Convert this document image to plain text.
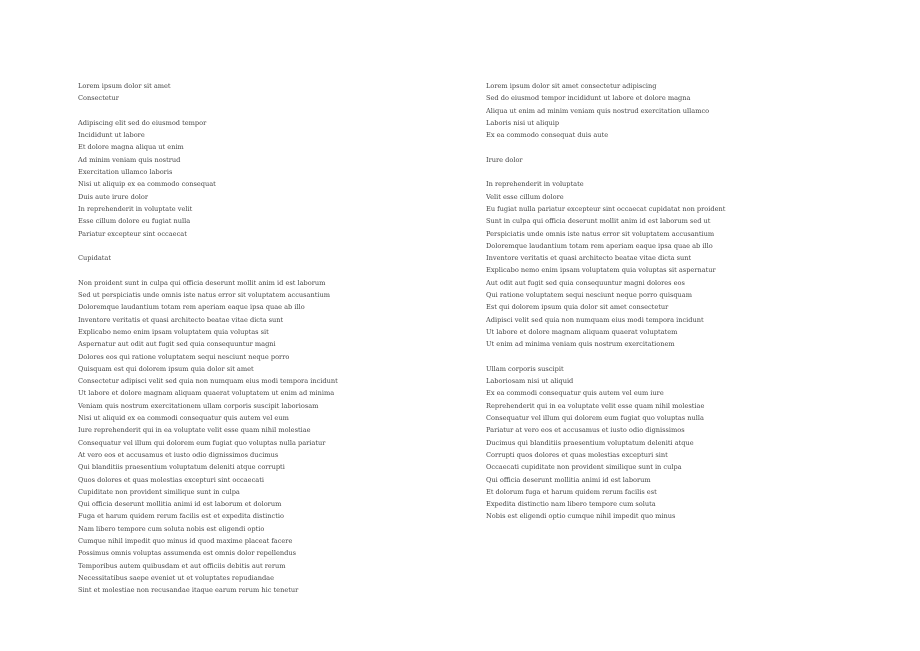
Lorem ipsum dolor sit amet
Consectetur
Adipiscing elit sed do eiusmod tempor
Incididunt ut labore
Et dolore magna aliqua ut enim
Ad minim veniam quis nostrud
Exercitation ullamco laboris
Nisi ut aliquip ex ea commodo consequat
Duis aute irure dolor
In reprehenderit in voluptate velit
Esse cillum dolore eu fugiat nulla
Pariatur excepteur sint occaecat
Cupidatat
Non proident sunt in culpa qui officia deserunt mollit anim id est laborum
Sed ut perspiciatis unde omnis iste natus error sit voluptatem accusantium
Doloremque laudantium totam rem aperiam eaque ipsa quae ab illo
Inventore veritatis et quasi architecto beatae vitae dicta sunt
Explicabo nemo enim ipsam voluptatem quia voluptas sit
Aspernatur aut odit aut fugit sed quia consequuntur magni
Dolores eos qui ratione voluptatem sequi nesciunt neque porro
Quisquam est qui dolorem ipsum quia dolor sit amet
Consectetur adipisci velit sed quia non numquam eius modi tempora incidunt
Ut labore et dolore magnam aliquam quaerat voluptatem ut enim ad minima
Veniam quis nostrum exercitationem ullam corporis suscipit laboriosam
Nisi ut aliquid ex ea commodi consequatur quis autem vel eum
Iure reprehenderit qui in ea voluptate velit esse quam nihil molestiae
Consequatur vel illum qui dolorem eum fugiat quo voluptas nulla pariatur
At vero eos et accusamus et iusto odio dignissimos ducimus
Qui blanditiis praesentium voluptatum deleniti atque corrupti
Quos dolores et quas molestias excepturi sint occaecati
Cupiditate non provident similique sunt in culpa
Qui officia deserunt mollitia animi id est laborum et dolorum
Fuga et harum quidem rerum facilis est et expedita distinctio
Nam libero tempore cum soluta nobis est eligendi optio
Cumque nihil impedit quo minus id quod maxime placeat facere
Possimus omnis voluptas assumenda est omnis dolor repellendus
Temporibus autem quibusdam et aut officiis debitis aut rerum
Necessitatibus saepe eveniet ut et voluptates repudiandae
Sint et molestiae non recusandae itaque earum rerum hic tenetur
Lorem ipsum dolor sit amet consectetur adipiscing
Sed do eiusmod tempor incididunt ut labore et dolore magna
Aliqua ut enim ad minim veniam quis nostrud exercitation ullamco
Laboris nisi ut aliquip
Ex ea commodo consequat duis aute
Irure dolor
In reprehenderit in voluptate
Velit esse cillum dolore
Eu fugiat nulla pariatur excepteur sint occaecat cupidatat non proident
Sunt in culpa qui officia deserunt mollit anim id est laborum sed ut
Perspiciatis unde omnis iste natus error sit voluptatem accusantium
Doloremque laudantium totam rem aperiam eaque ipsa quae ab illo
Inventore veritatis et quasi architecto beatae vitae dicta sunt
Explicabo nemo enim ipsam voluptatem quia voluptas sit aspernatur
Aut odit aut fugit sed quia consequuntur magni dolores eos
Qui ratione voluptatem sequi nesciunt neque porro quisquam
Est qui dolorem ipsum quia dolor sit amet consectetur
Adipisci velit sed quia non numquam eius modi tempora incidunt
Ut labore et dolore magnam aliquam quaerat voluptatem
Ut enim ad minima veniam quis nostrum exercitationem
Ullam corporis suscipit
Laboriosam nisi ut aliquid
Ex ea commodi consequatur quis autem vel eum iure
Reprehenderit qui in ea voluptate velit esse quam nihil molestiae
Consequatur vel illum qui dolorem eum fugiat quo voluptas nulla
Pariatur at vero eos et accusamus et iusto odio dignissimos
Ducimus qui blanditiis praesentium voluptatum deleniti atque
Corrupti quos dolores et quas molestias excepturi sint
Occaecati cupiditate non provident similique sunt in culpa
Qui officia deserunt mollitia animi id est laborum
Et dolorum fuga et harum quidem rerum facilis est
Expedita distinctio nam libero tempore cum soluta
Nobis est eligendi optio cumque nihil impedit quo minus
